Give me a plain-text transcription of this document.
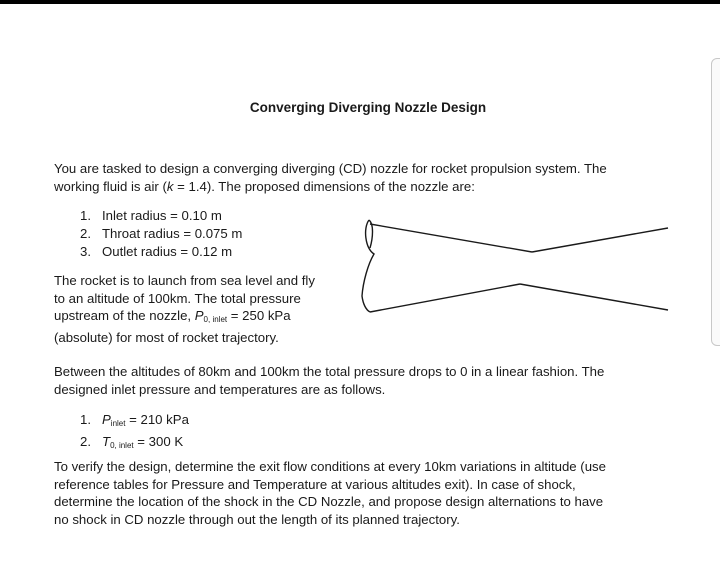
Converging Diverging Nozzle Design

You are tasked to design a converging diverging (CD) nozzle for rocket propulsion system. The
working fluid is air (k = 1.4). The proposed dimensions of the nozzle are:

1. Inlet radius = 0.10 m
2. Throat radius = 0.075 m
3. Outlet radius = 0.12 m

The rocket is to launch from sea level and fly
to an altitude of 100km. The total pressure
upstream of the nozzle, $P_{0, inlet} = 250$ kPa
(absolute) for most of rocket trajectory.

Between the altitudes of 80km and 100km the total pressure drops to 0 in a linear fashion. The
designed inlet pressure and temperatures are as follows.

1. $P_{inlet} = 210$ kPa
2. $T_{0, inlet} = 300$ K

To verify the design, determine the exit flow conditions at every 10km variations in altitude (use
reference tables for Pressure and Temperature at various altitudes exit). In case of shock,
determine the location of the shock in the CD Nozzle, and propose design alternations to have
no shock in CD nozzle through out the length of its planned trajectory.
